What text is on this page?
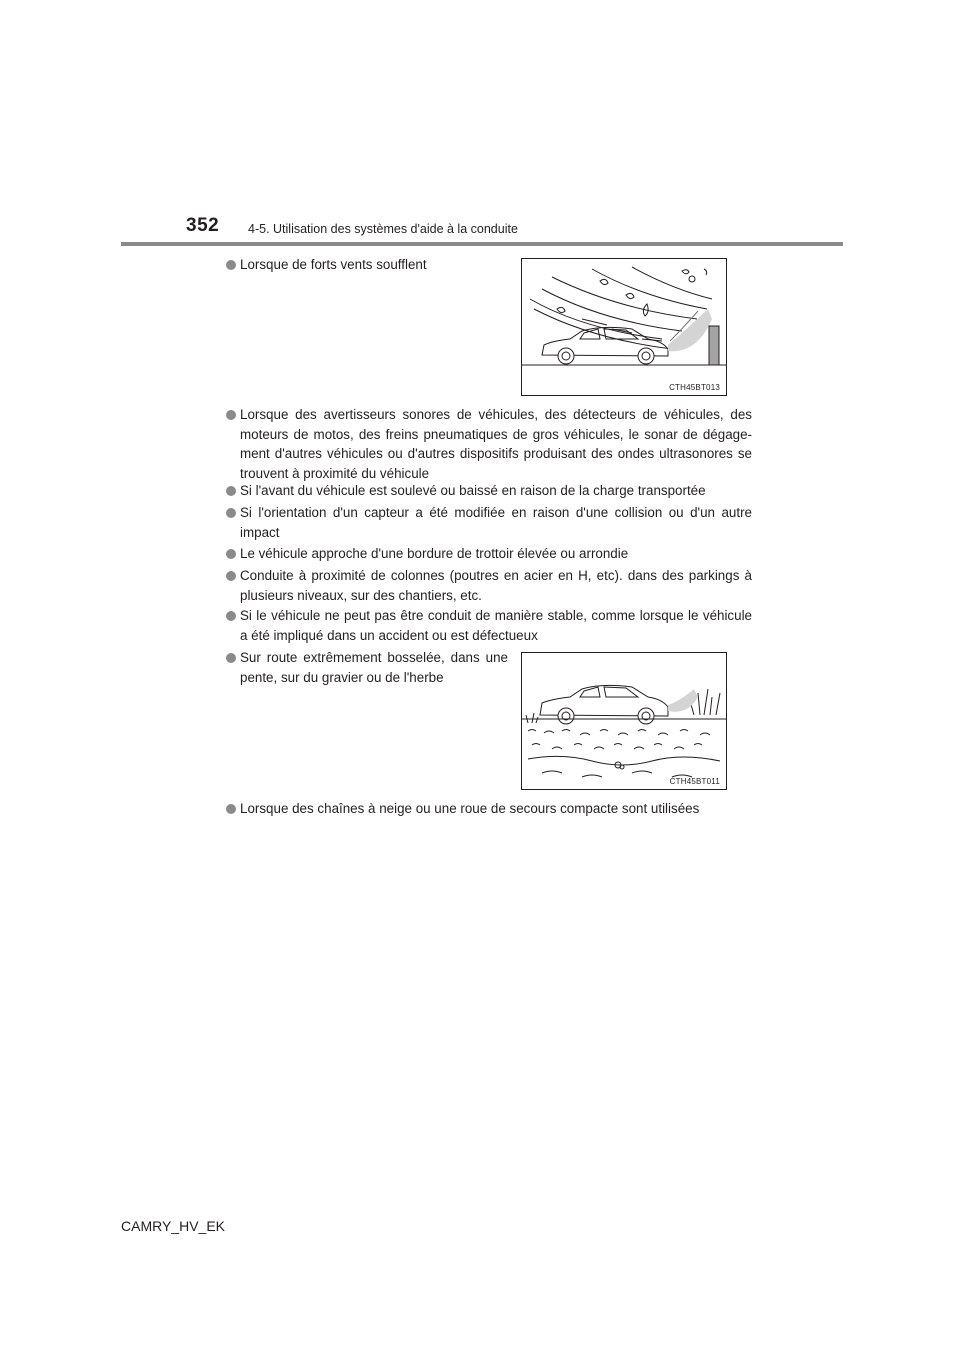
352 4-5. Utilisation des systèmes d'aide à la conduite
Lorsque de forts vents soufflent
CTH45BT013
Lorsque des avertisseurs sonores de véhicules, des détecteurs de véhicules, des moteurs de motos, des freins pneumatiques de gros véhicules, le sonar de dégage-ment d'autres véhicules ou d'autres dispositifs produisant des ondes ultrasonores se trouvent à proximité du véhicule
Si l'avant du véhicule est soulevé ou baissé en raison de la charge transportée
Si l'orientation d'un capteur a été modifiée en raison d'une collision ou d'un autre impact
Le véhicule approche d'une bordure de trottoir élevée ou arrondie
Conduite à proximité de colonnes (poutres en acier en H, etc). dans des parkings à plusieurs niveaux, sur des chantiers, etc.
Si le véhicule ne peut pas être conduit de manière stable, comme lorsque le véhicule a été impliqué dans un accident ou est défectueux
Sur route extrêmement bosselée, dans une pente, sur du gravier ou de l'herbe
CTH45BT011
Lorsque des chaînes à neige ou une roue de secours compacte sont utilisées
CAMRY_HV_EK
